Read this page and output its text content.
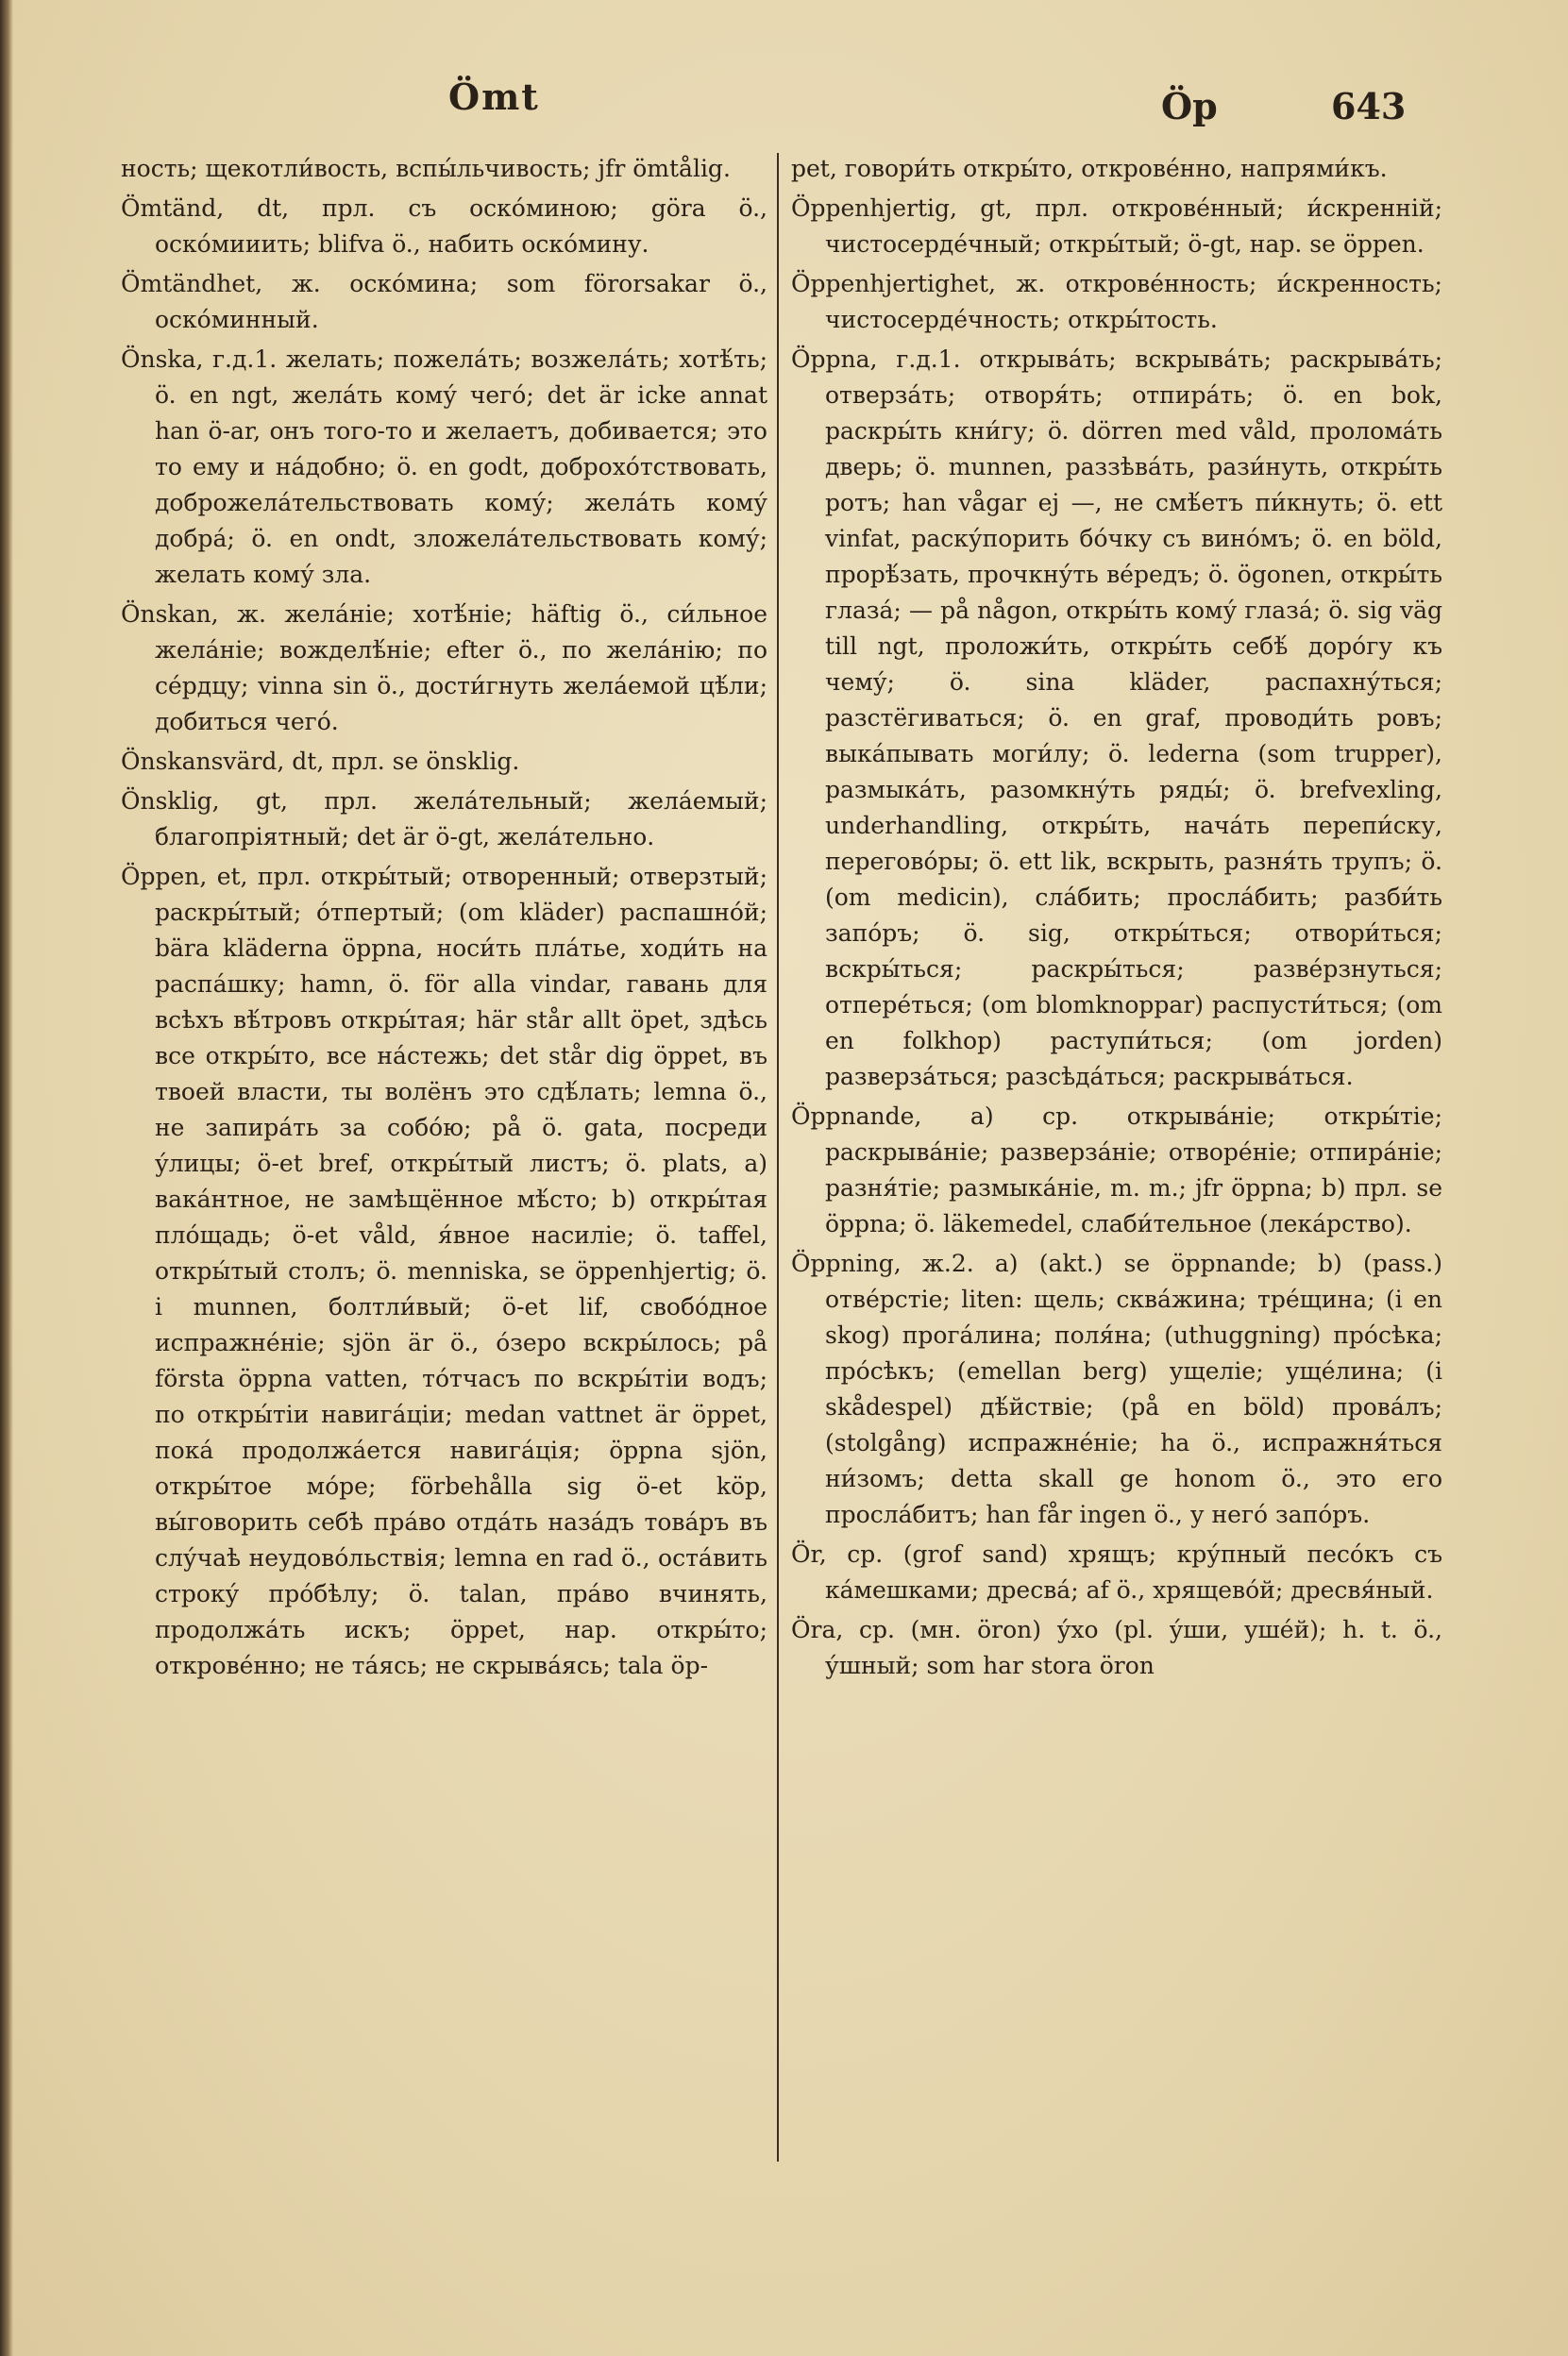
Ömt	Öp	643
ность; щекотли́вость, вспы́льчивость; jfr ömtålig.
Ömtänd, dt, прл. съ оско́миною; göra ö., оско́мииить; blifva ö., набить оско́мину.
Ömtändhet, ж. оско́мина; som förorsakar ö., оско́минный.
Önska, г.д.1. желать; пожела́ть; возжела́ть; хотѣ́ть; ö. en ngt, жела́ть кому́ чего́; det är icke annat han ö-ar, онъ того-то и желаетъ, добивается; это то ему и на́добно; ö. en godt, доброхо́тствовать, доброжела́тельствовать кому́; жела́ть кому́ добра́; ö. en ondt, зложела́тельствовать кому́; желать кому́ зла.
Önskan, ж. жела́ніе; хотѣ́ніе; häftig ö., си́льное жела́ніе; вожделѣ́ніе; efter ö., по жела́нію; по се́рдцу; vinna sin ö., дости́гнуть жела́емой цѣ́ли; добиться чего́.
Önskansvärd, dt, прл. se önsklig.
Önsklig, gt, прл. жела́тельный; жела́емый; благопріятный; det är ö-gt, жела́тельно.
Öppen, et, прл. откры́тый; отворенный; отверзтый; раскры́тый; о́тпертый; (om kläder) распашно́й; bära kläderna öppna, носи́ть пла́тье, ходи́ть на распа́шку; hamn, ö. för alla vindar, гавань для всѣхъ вѣ́тровъ откры́тая; här står allt öpet, здѣсь все откры́то, все на́стежь; det står dig öppet, въ твоей власти, ты волёнъ это сдѣ́лать; lemna ö., не запира́ть за собо́ю; på ö. gata, посреди у́лицы; ö-et bref, откры́тый листъ; ö. plats, a) вака́нтное, не замѣщённое мѣ́сто; b) откры́тая пло́щадь; ö-et våld, я́вное насиліе; ö. taffel, откры́тый столъ; ö. menniska, se öppenhjertig; ö. i munnen, болтли́вый; ö-et lif, свобо́дное испражне́ніе; sjön är ö., о́зеро вскры́лось; på första öppna vatten, то́тчасъ по вскры́тіи водъ; по откры́тіи навига́ціи; medan vattnet är öppet, пока́ продолжа́ется навига́ція; öppna sjön, откры́тое мо́ре; förbehålla sig ö-et köp, вы́говорить себѣ пра́во отда́ть наза́дъ това́ръ въ слу́чаѣ неудово́льствія; lemna en rad ö., оста́вить строку́ про́бѣлу; ö. talan, пра́во вчинять, продолжа́ть искъ; öppet, нар. откры́то; открове́нно; не та́ясь; не скрыва́ясь; tala öp-
pet, говори́ть откры́то, открове́нно, напрями́къ.
Öppenhjertig, gt, прл. открове́нный; и́скренній; чистосерде́чный; откры́тый; ö-gt, нар. se öppen.
Öppenhjertighet, ж. открове́нность; и́скренность; чистосерде́чность; откры́тость.
Öppna, г.д.1. открыва́ть; вскрыва́ть; раскрыва́ть; отверза́ть; отворя́ть; отпира́ть; ö. en bok, раскры́ть кни́гу; ö. dörren med våld, пролома́ть дверь; ö. munnen, раззѣва́ть, рази́нуть, откры́ть ротъ; han vågar ej —, не смѣ́етъ пи́кнуть; ö. ett vinfat, раску́порить бо́чку съ вино́мъ; ö. en böld, прорѣ́зать, прочкну́ть ве́редъ; ö. ögonen, откры́ть глаза́; — på någon, откры́ть кому́ глаза́; ö. sig väg till ngt, проложи́ть, откры́ть себѣ́ доро́гу къ чему́; ö. sina kläder, распахну́ться; разстёгиваться; ö. en graf, проводи́ть ровъ; выка́пывать моги́лу; ö. lederna (som trupper), размыка́ть, разомкну́ть ряды́; ö. brefvexling, underhandling, откры́ть, нача́ть перепи́ску, перегово́ры; ö. ett lik, вскрыть, разня́ть трупъ; ö. (om medicin), сла́бить; просла́бить; разби́ть запо́ръ; ö. sig, откры́ться; отвори́ться; вскры́ться; раскры́ться; разве́рзнуться; отпере́ться; (om blomknoppar) распусти́ться; (om en folkhop) раступи́ться; (om jorden) разверза́ться; разсѣда́ться; раскрыва́ться.
Öppnande, a) ср. открыва́ніе; откры́тіе; раскрыва́ніе; разверза́ніе; отворе́ніе; отпира́ніе; разня́тіе; размыка́ніе, m. m.; jfr öppna; b) прл. se öppna; ö. läkemedel, слаби́тельное (лека́рство).
Öppning, ж.2. a) (akt.) se öppnande; b) (pass.) отве́рстіе; liten: щель; сква́жина; тре́щина; (i en skog) прога́лина; поля́на; (uthuggning) про́сѣка; про́сѣкъ; (emellan berg) ущеліе; уще́лина; (i skådespel) дѣ́йствіе; (på en böld) прова́лъ; (stolgång) испражне́ніе; ha ö., испражня́ться ни́зомъ; detta skall ge honom ö., это его просла́битъ; han får ingen ö., у него́ запо́ръ.
Ör, ср. (grof sand) хрящъ; кру́пный песо́къ съ ка́мешками; дресва́; af ö., хрящево́й; дресвя́ный.
Öra, ср. (мн. öron) у́хо (pl. у́ши, уше́й); h. t. ö., у́шный; som har stora öron
